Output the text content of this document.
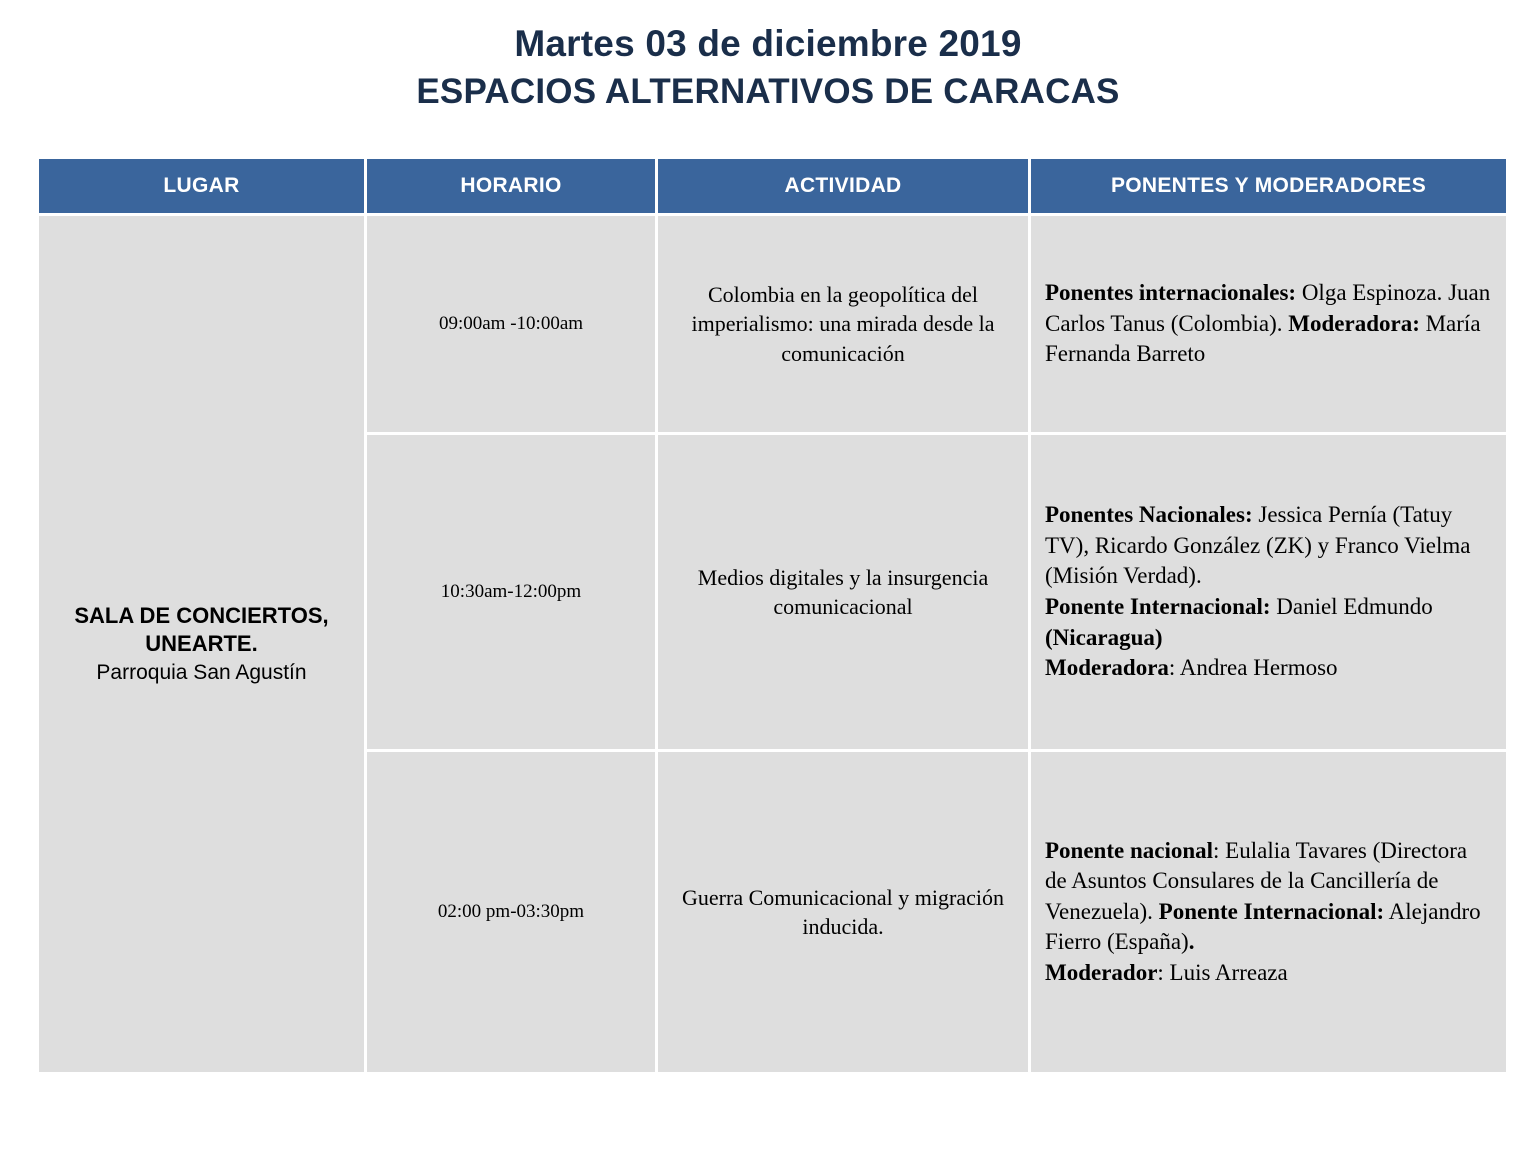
Martes 03 de diciembre 2019
ESPACIOS ALTERNATIVOS DE CARACAS
LUGAR	HORARIO	ACTIVIDAD	PONENTES Y MODERADORES

SALA DE CONCIERTOS, UNEARTE.
Parroquia San Agustín	09:00am -10:00am	Colombia en la geopolítica del imperialismo: una mirada desde la comunicación	Ponentes internacionales: Olga Espinoza. Juan Carlos Tanus (Colombia). Moderadora: María Fernanda Barreto

	10:30am-12:00pm	Medios digitales y la insurgencia comunicacional	Ponentes Nacionales: Jessica Pernía (Tatuy TV), Ricardo González (ZK) y Franco Vielma (Misión Verdad).

Ponente Internacional: Daniel Edmundo (Nicaragua)

Moderadora: Andrea Hermoso

	02:00 pm-03:30pm	Guerra Comunicacional y migración inducida.	Ponente nacional: Eulalia Tavares (Directora de Asuntos Consulares de la Cancillería de Venezuela). Ponente Internacional: Alejandro Fierro (España).

Moderador: Luis Arreaza
